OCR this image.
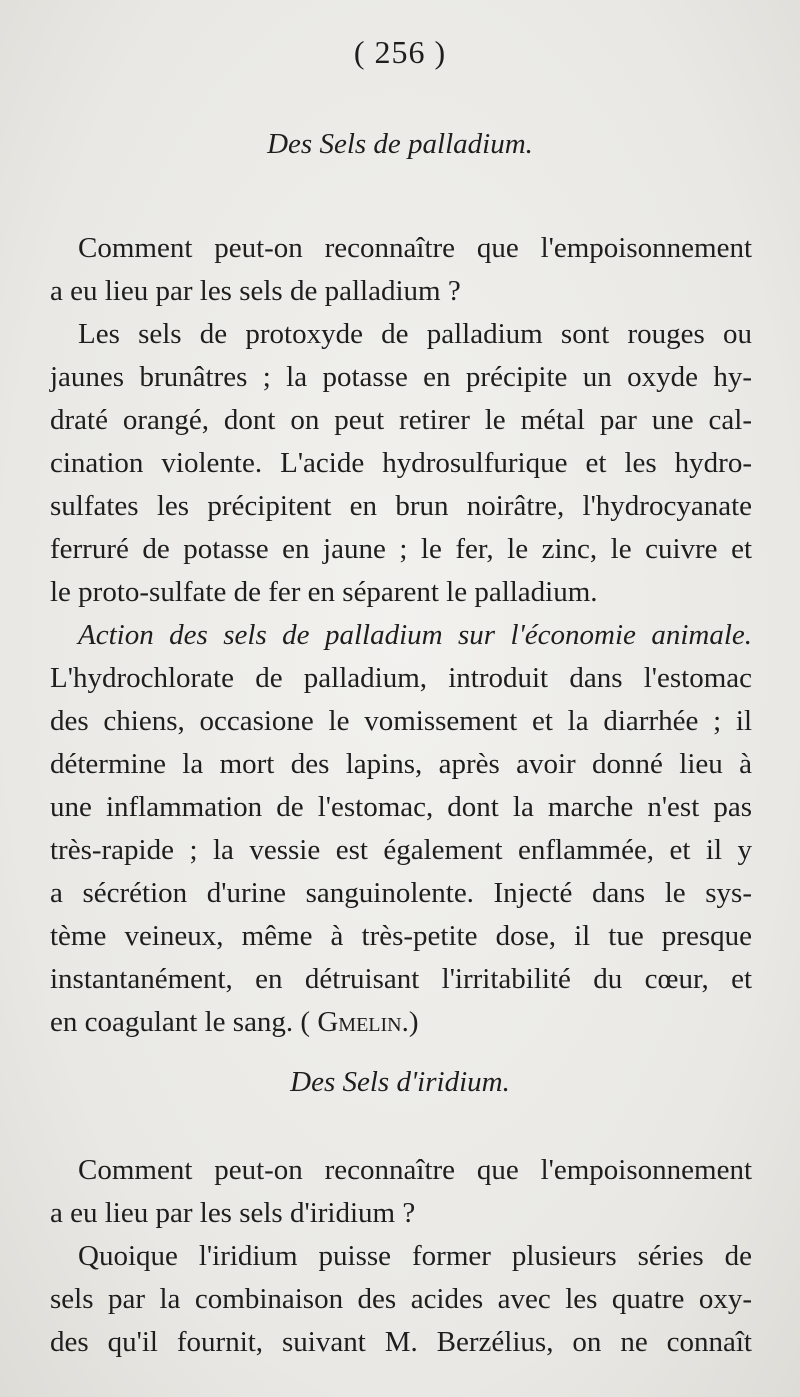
( 256 )
Des Sels de palladium.
Comment peut-on reconnaître que l'empoisonnement
a eu lieu par les sels de palladium ?
Les sels de protoxyde de palladium sont rouges ou
jaunes brunâtres ; la potasse en précipite un oxyde hy-
draté orangé, dont on peut retirer le métal par une cal-
cination violente. L'acide hydrosulfurique et les hydro-
sulfates les précipitent en brun noirâtre, l'hydrocyanate
ferruré de potasse en jaune ; le fer, le zinc, le cuivre et
le proto-sulfate de fer en séparent le palladium.
Action des sels de palladium sur l'économie animale.
L'hydrochlorate de palladium, introduit dans l'estomac
des chiens, occasione le vomissement et la diarrhée ; il
détermine la mort des lapins, après avoir donné lieu à
une inflammation de l'estomac, dont la marche n'est pas
très-rapide ; la vessie est également enflammée, et il y
a sécrétion d'urine sanguinolente. Injecté dans le sys-
tème veineux, même à très-petite dose, il tue presque
instantanément, en détruisant l'irritabilité du cœur, et
en coagulant le sang. ( Gmelin.)
Des Sels d'iridium.
Comment peut-on reconnaître que l'empoisonnement
a eu lieu par les sels d'iridium ?
Quoique l'iridium puisse former plusieurs séries de
sels par la combinaison des acides avec les quatre oxy-
des qu'il fournit, suivant M. Berzélius, on ne connaît
